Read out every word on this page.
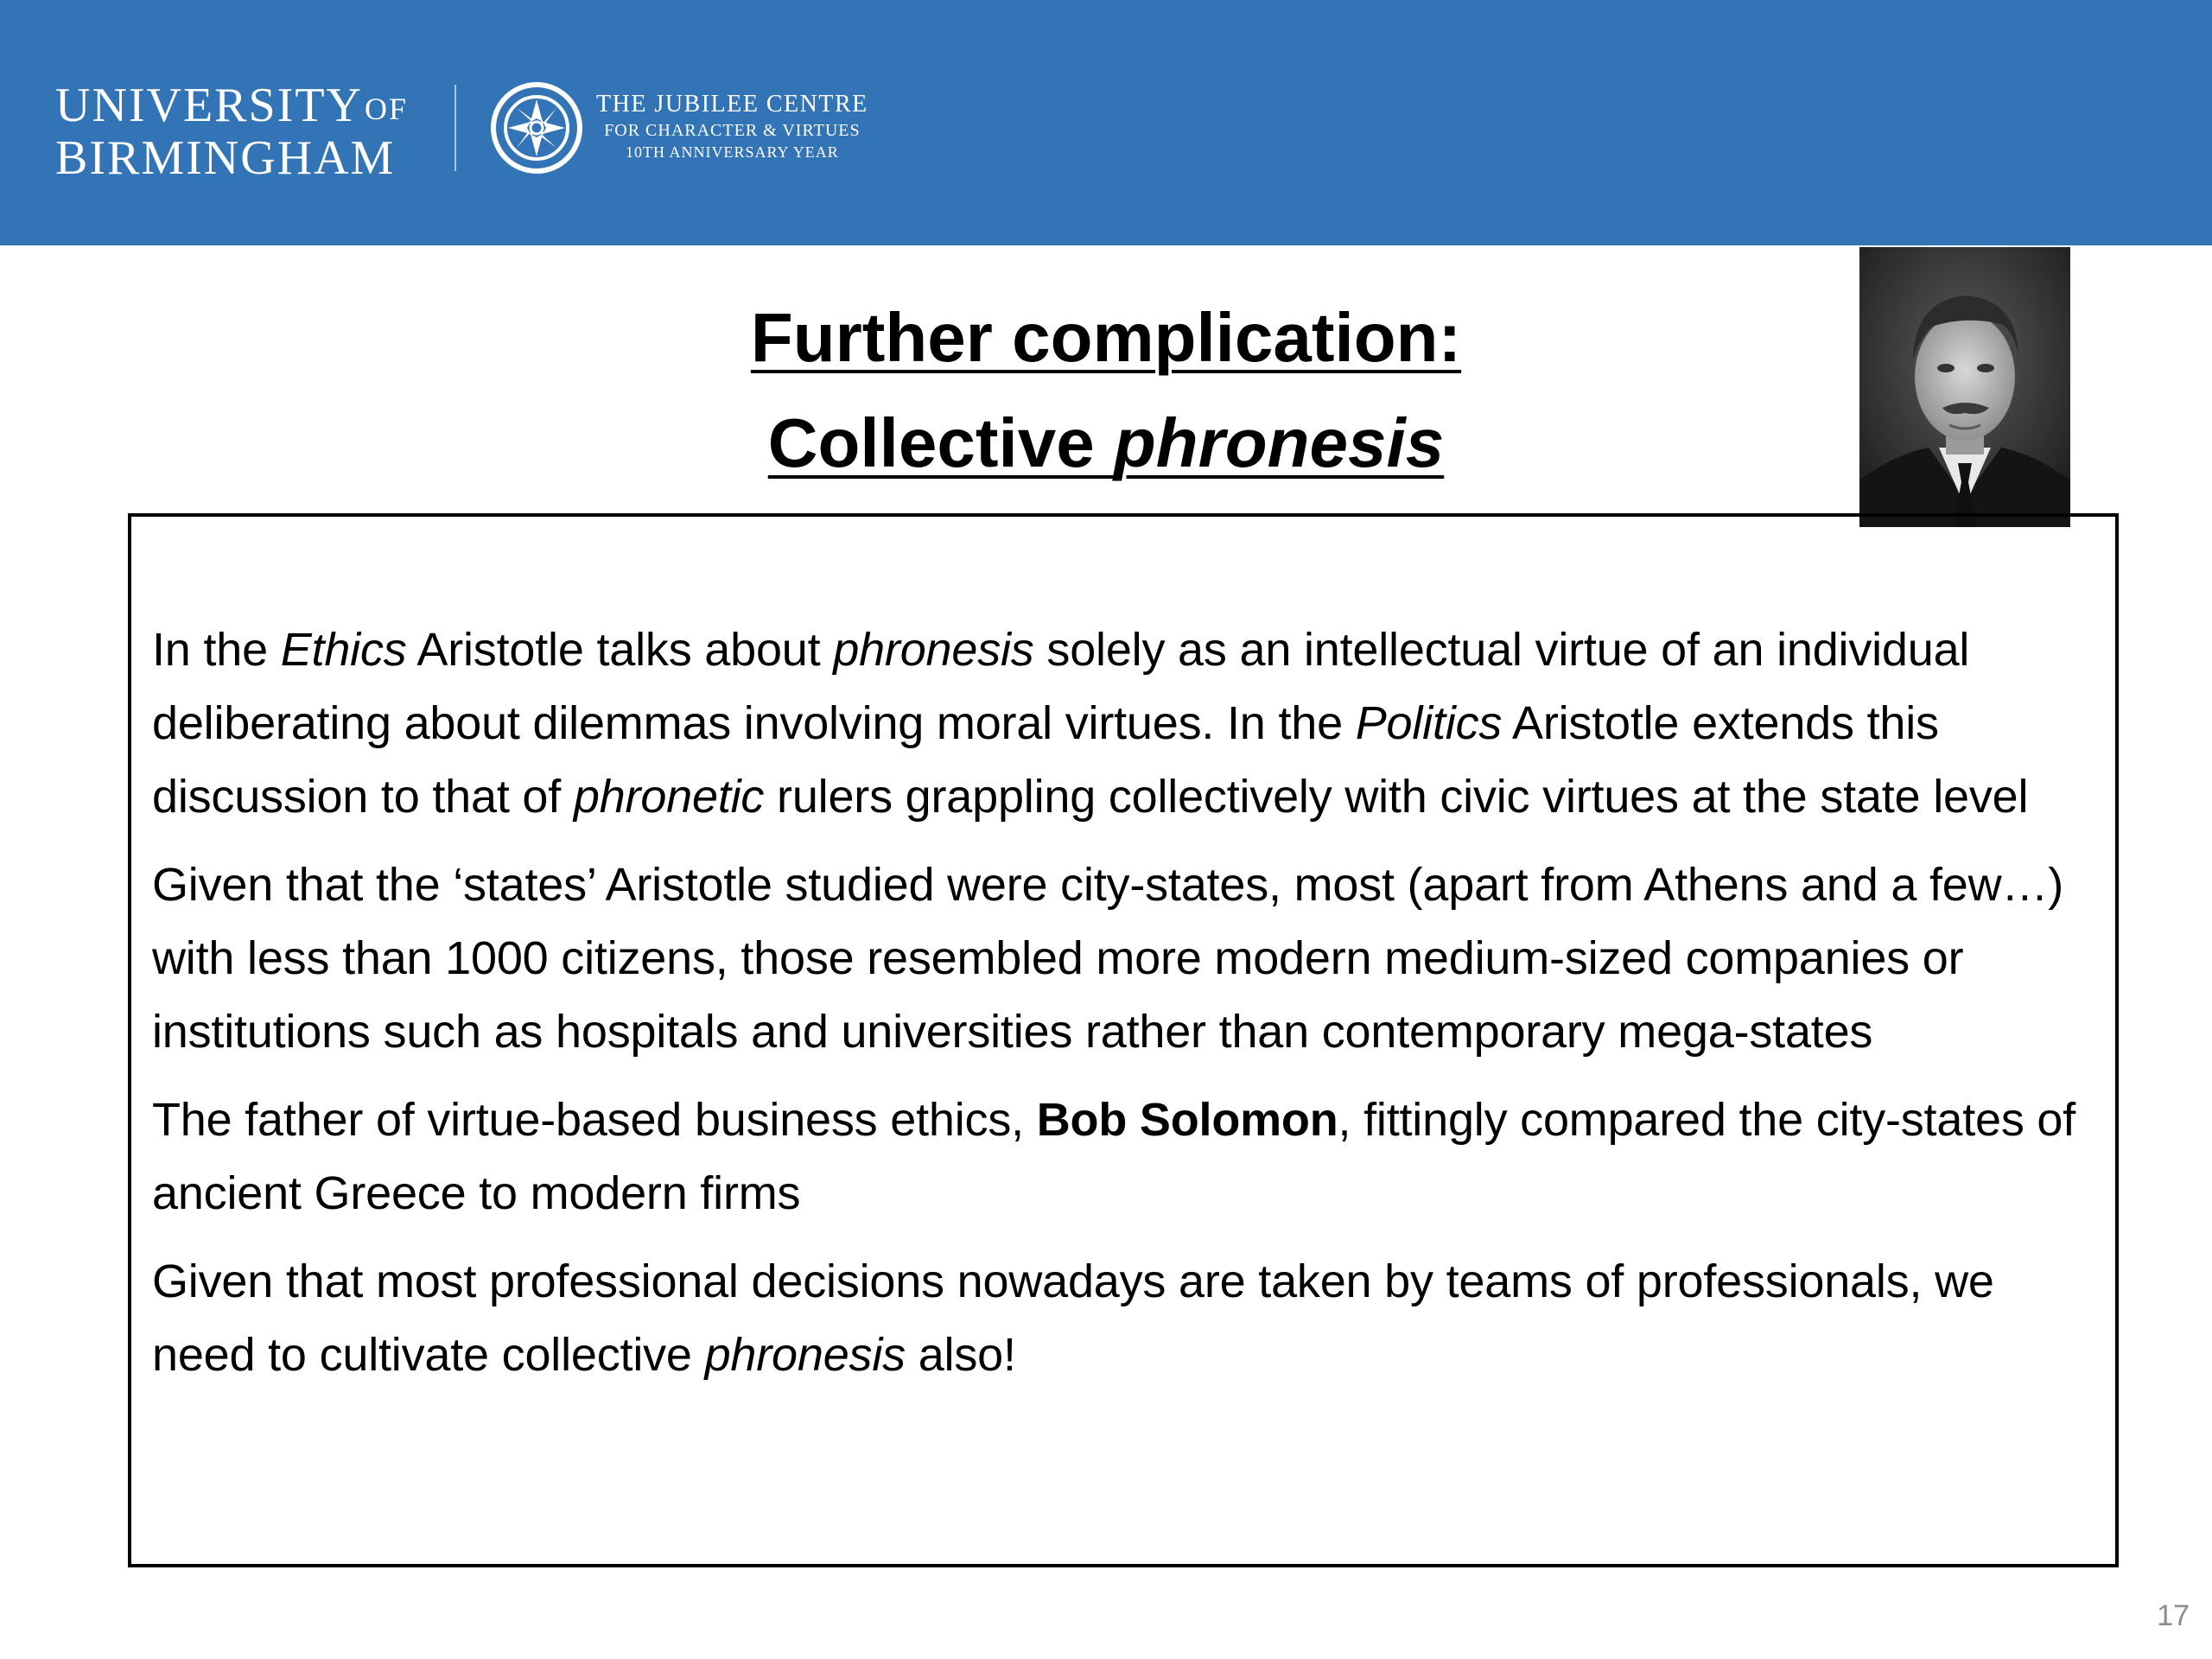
$UNIVERSITY^{OF}$
BIRMINGHAM
THE JUBILEE CENTRE
FOR CHARACTER & VIRTUES
10TH ANNIVERSARY YEAR
Further complication:
Collective phronesis

In the Ethics Aristotle talks about phronesis solely as an intellectual virtue of an individual deliberating about dilemmas involving moral virtues. In the Politics Aristotle extends this discussion to that of phronetic rulers grappling collectively with civic virtues at the state level

Given that the ‘states’ Aristotle studied were city-states, most (apart from Athens and a few…) with less than 1000 citizens, those resembled more modern medium-sized companies or institutions such as hospitals and universities rather than contemporary mega-states

The father of virtue-based business ethics, Bob Solomon, fittingly compared the city-states of ancient Greece to modern firms

Given that most professional decisions nowadays are taken by teams of professionals, we need to cultivate collective phronesis also!

17
